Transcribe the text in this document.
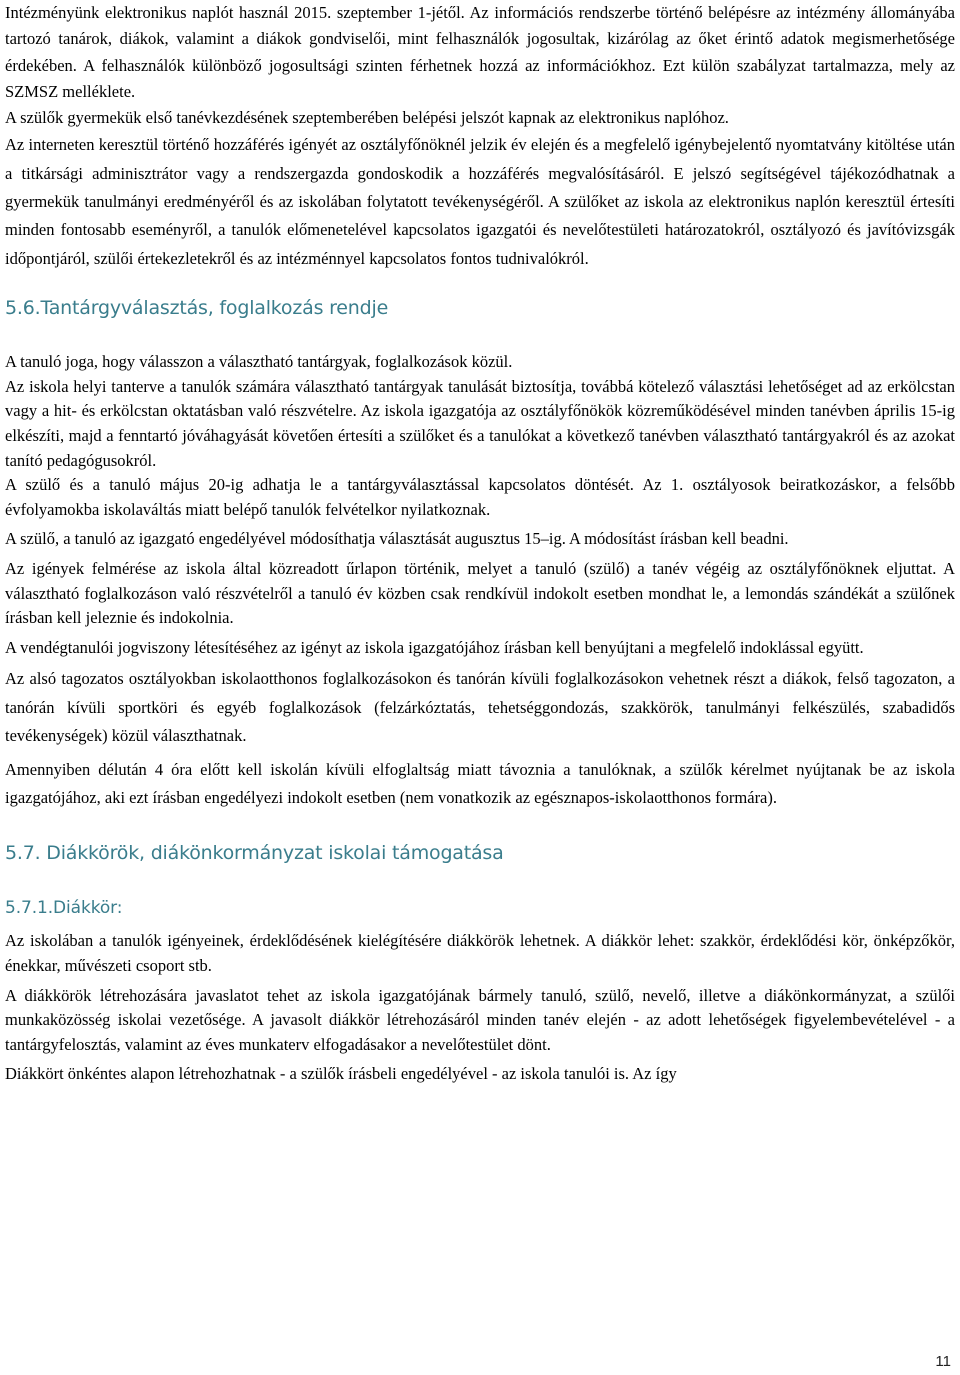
Intézményünk elektronikus naplót használ 2015. szeptember 1-jétől. Az információs rendszerbe történő belépésre az intézmény állományába tartozó tanárok, diákok, valamint a diákok gondviselői, mint felhasználók jogosultak, kizárólag az őket érintő adatok megismerhetősége érdekében. A felhasználók különböző jogosultsági szinten férhetnek hozzá az információkhoz. Ezt külön szabályzat tartalmazza, mely az SZMSZ melléklete.

A szülők gyermekük első tanévkezdésének szeptemberében belépési jelszót kapnak az elektronikus naplóhoz.

Az interneten keresztül történő hozzáférés igényét az osztályfőnöknél jelzik év elején és a megfelelő igénybejelentő nyomtatvány kitöltése után a titkársági adminisztrátor vagy a rendszergazda gondoskodik a hozzáférés megvalósításáról. E jelszó segítségével tájékozódhatnak a gyermekük tanulmányi eredményéről és az iskolában folytatott tevékenységéről. A szülőket az iskola az elektronikus naplón keresztül értesíti minden fontosabb eseményről, a tanulók előmenetelével kapcsolatos igazgatói és nevelőtestületi határozatokról, osztályozó és javítóvizsgák időpontjáról, szülői értekezletekről és az intézménnyel kapcsolatos fontos tudnivalókról.

5.6.Tantárgyválasztás, foglalkozás rendje

A tanuló joga, hogy válasszon a választható tantárgyak, foglalkozások közül.

Az iskola helyi tanterve a tanulók számára választható tantárgyak tanulását biztosítja, továbbá kötelező választási lehetőséget ad az erkölcstan vagy a hit- és erkölcstan oktatásban való részvételre. Az iskola igazgatója az osztályfőnökök közreműködésével minden tanévben április 15-ig elkészíti, majd a fenntartó jóváhagyását követően értesíti a szülőket és a tanulókat a következő tanévben választható tantárgyakról és az azokat tanító pedagógusokról.

A szülő és a tanuló május 20-ig adhatja le a tantárgyválasztással kapcsolatos döntését. Az 1. osztályosok beiratkozáskor, a felsőbb évfolyamokba iskolaváltás miatt belépő tanulók felvételkor nyilatkoznak.

A szülő, a tanuló az igazgató engedélyével módosíthatja választását augusztus 15–ig. A módosítást írásban kell beadni.

Az igények felmérése az iskola által közreadott űrlapon történik, melyet a tanuló (szülő) a tanév végéig az osztályfőnöknek eljuttat. A választható foglalkozáson való részvételről a tanuló év közben csak rendkívül indokolt esetben mondhat le, a lemondás szándékát a szülőnek írásban kell jeleznie és indokolnia.

A vendégtanulói jogviszony létesítéséhez az igényt az iskola igazgatójához írásban kell benyújtani a megfelelő indoklással együtt.

Az alsó tagozatos osztályokban iskolaotthonos foglalkozásokon és tanórán kívüli foglalkozásokon vehetnek részt a diákok, felső tagozaton, a tanórán kívüli sportköri és egyéb foglalkozások (felzárkóztatás, tehetséggondozás, szakkörök, tanulmányi felkészülés, szabadidős tevékenységek) közül választhatnak.

Amennyiben délután 4 óra előtt kell iskolán kívüli elfoglaltság miatt távoznia a tanulóknak, a szülők kérelmet nyújtanak be az iskola igazgatójához, aki ezt írásban engedélyezi indokolt esetben (nem vonatkozik az egésznapos-iskolaotthonos formára).

5.7. Diákkörök, diákönkormányzat iskolai támogatása
5.7.1.Diákkör:

Az iskolában a tanulók igényeinek, érdeklődésének kielégítésére diákkörök lehetnek. A diákkör lehet: szakkör, érdeklődési kör, önképzőkör, énekkar, művészeti csoport stb.

A diákkörök létrehozására javaslatot tehet az iskola igazgatójának bármely tanuló, szülő, nevelő, illetve a diákönkormányzat, a szülői munkaközösség iskolai vezetősége. A javasolt diákkör létrehozásáról minden tanév elején - az adott lehetőségek figyelembevételével - a tantárgyfelosztás, valamint az éves munkaterv elfogadásakor a nevelőtestület dönt.

Diákkört önkéntes alapon létrehozhatnak - a szülők írásbeli engedélyével - az iskola tanulói is. Az így

11
